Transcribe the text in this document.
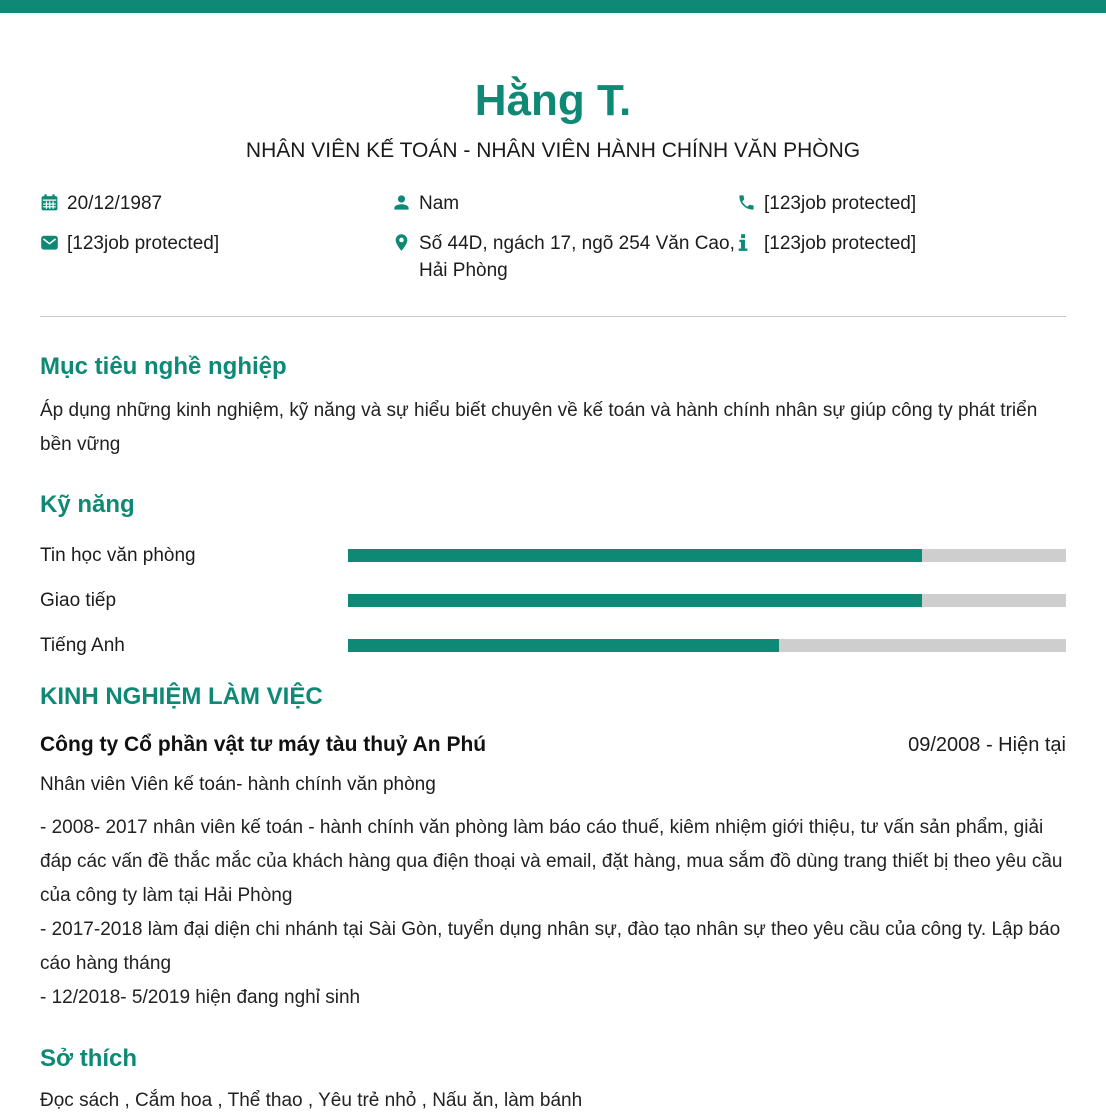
Hằng T.
NHÂN VIÊN KẾ TOÁN - NHÂN VIÊN HÀNH CHÍNH VĂN PHÒNG
20/12/1987
[123job protected]
Nam
Số 44D, ngách 17, ngõ 254 Văn Cao, Hải Phòng
[123job protected]
[123job protected]
Mục tiêu nghề nghiệp

Áp dụng những kinh nghiệm, kỹ năng và sự hiểu biết chuyên về kế toán và hành chính nhân sự giúp công ty phát triển bền vững

Kỹ năng
Tin học văn phòng
Giao tiếp
Tiếng Anh
KINH NGHIỆM LÀM VIỆC
Công ty Cổ phần vật tư máy tàu thuỷ An Phú	09/2008 - Hiện tại
Nhân viên Viên kế toán- hành chính văn phòng

- 2008- 2017 nhân viên kế toán - hành chính văn phòng làm báo cáo thuế, kiêm nhiệm giới thiệu, tư vấn sản phẩm, giải đáp các vấn đề thắc mắc của khách hàng qua điện thoại và email, đặt hàng, mua sắm đồ dùng trang thiết bị theo yêu cầu của công ty làm tại Hải Phòng

- 2017-2018 làm đại diện chi nhánh tại Sài Gòn, tuyển dụng nhân sự, đào tạo nhân sự theo yêu cầu của công ty. Lập báo cáo hàng tháng

- 12/2018- 5/2019 hiện đang nghỉ sinh

Sở thích

Đọc sách , Cắm hoa , Thể thao , Yêu trẻ nhỏ , Nấu ăn, làm bánh
